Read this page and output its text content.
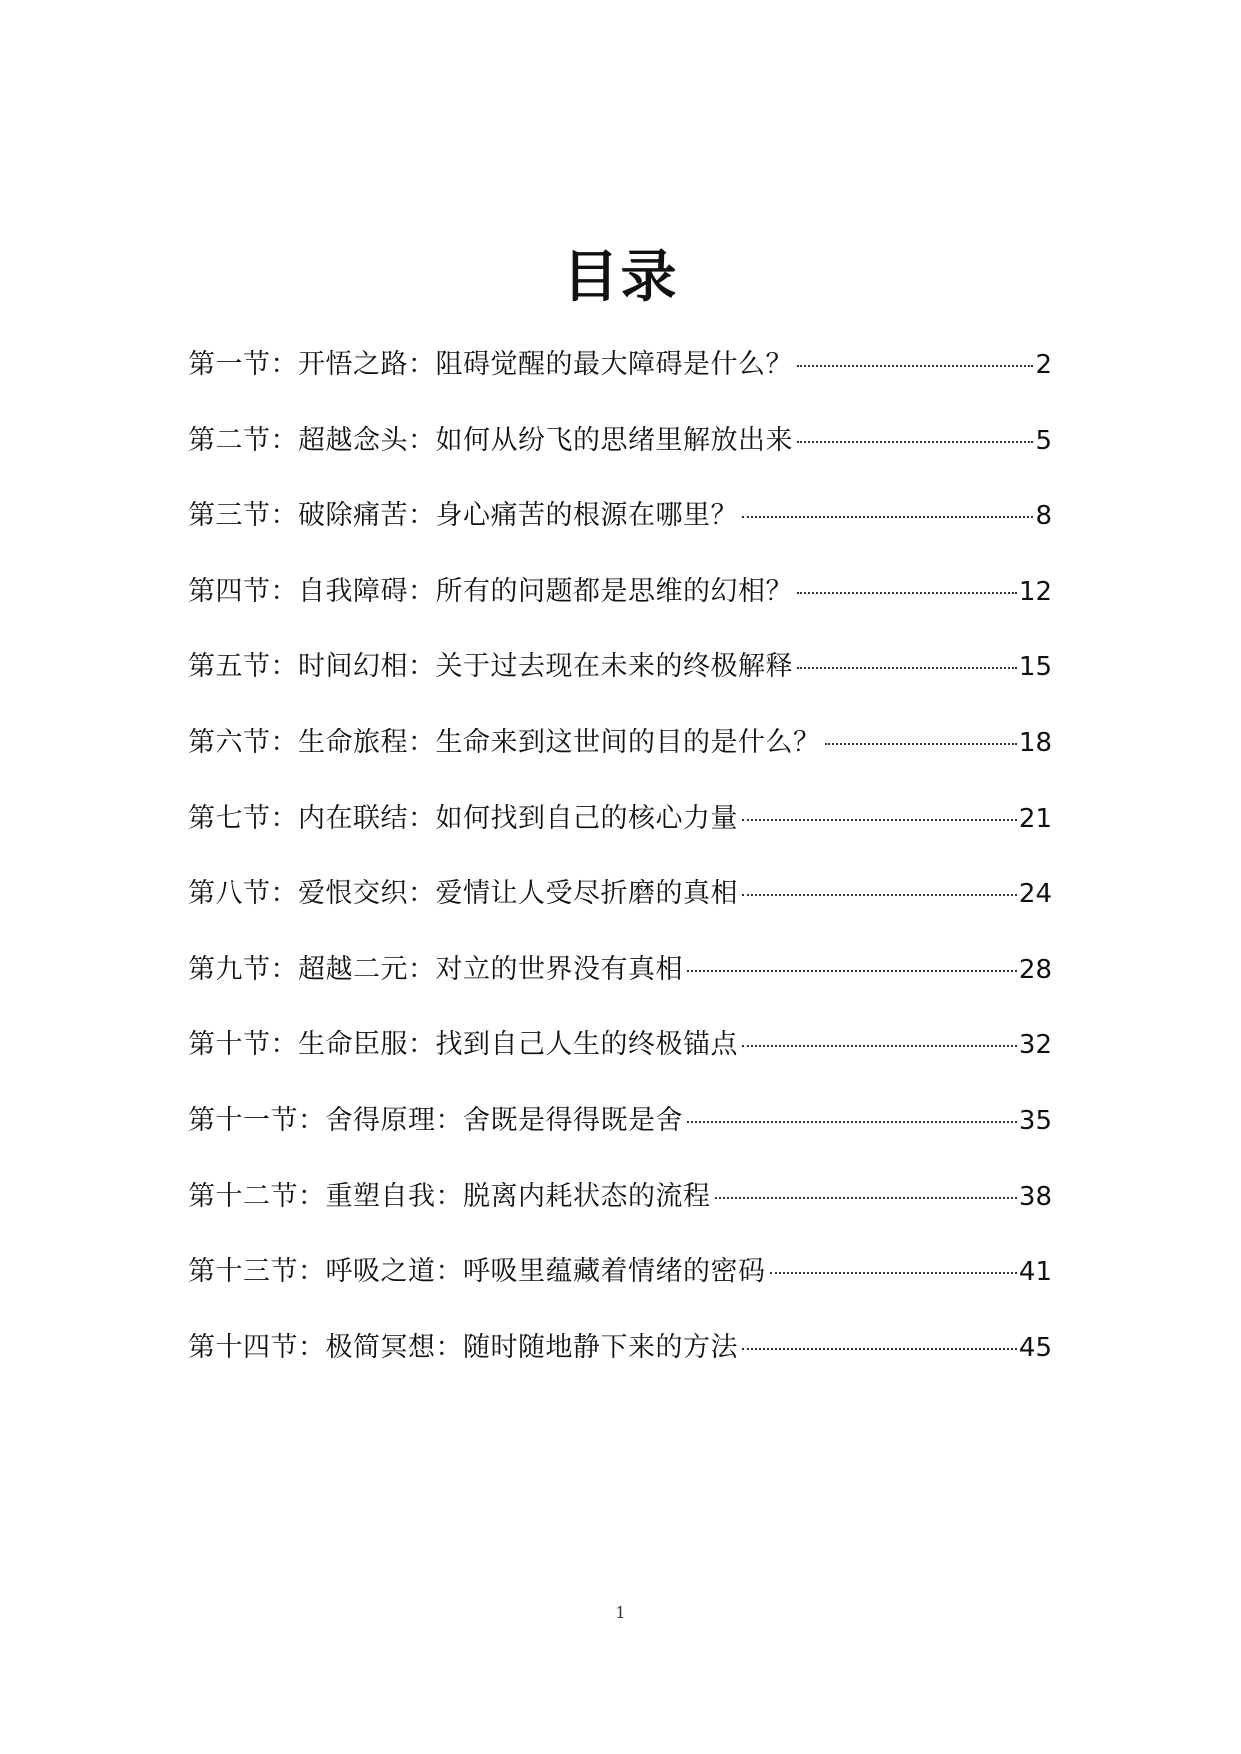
目录
第一节：开悟之路：阻碍觉醒的最大障碍是什么？	2
第二节：超越念头：如何从纷飞的思绪里解放出来	5
第三节：破除痛苦：身心痛苦的根源在哪里？	8
第四节：自我障碍：所有的问题都是思维的幻相？	12
第五节：时间幻相：关于过去现在未来的终极解释	15
第六节：生命旅程：生命来到这世间的目的是什么？	18
第七节：内在联结：如何找到自己的核心力量	21
第八节：爱恨交织：爱情让人受尽折磨的真相	24
第九节：超越二元：对立的世界没有真相	28
第十节：生命臣服：找到自己人生的终极锚点	32
第十一节：舍得原理：舍既是得得既是舍	35
第十二节：重塑自我：脱离内耗状态的流程	38
第十三节：呼吸之道：呼吸里蕴藏着情绪的密码	41
第十四节：极简冥想：随时随地静下来的方法	45
1
